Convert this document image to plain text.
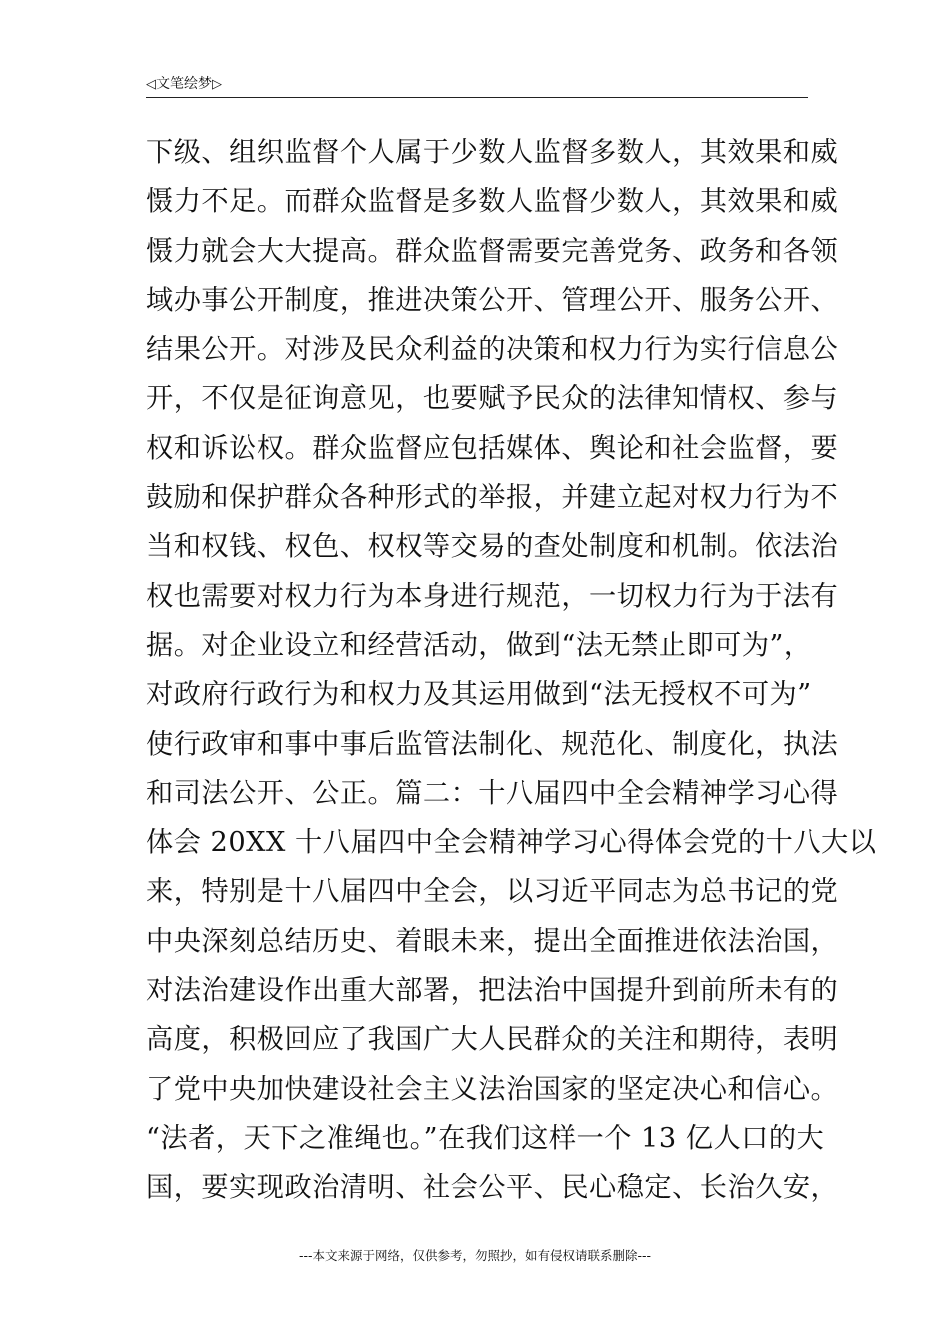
◁文笔绘梦▷
下级、组织监督个人属于少数人监督多数人，其效果和威
慑力不足。而群众监督是多数人监督少数人，其效果和威
慑力就会大大提高。群众监督需要完善党务、政务和各领
域办事公开制度，推进决策公开、管理公开、服务公开、
结果公开。对涉及民众利益的决策和权力行为实行信息公
开，不仅是征询意见，也要赋予民众的法律知情权、参与
权和诉讼权。群众监督应包括媒体、舆论和社会监督，要
鼓励和保护群众各种形式的举报，并建立起对权力行为不
当和权钱、权色、权权等交易的查处制度和机制。依法治
权也需要对权力行为本身进行规范，一切权力行为于法有
据。对企业设立和经营活动，做到“法无禁止即可为”，
对政府行政行为和权力及其运用做到“法无授权不可为”
使行政审和事中事后监管法制化、规范化、制度化，执法
和司法公开、公正。篇二：十八届四中全会精神学习心得
体会 20XX 十八届四中全会精神学习心得体会党的十八大以
来，特别是十八届四中全会，以习近平同志为总书记的党
中央深刻总结历史、着眼未来，提出全面推进依法治国，
对法治建设作出重大部署，把法治中国提升到前所未有的
高度，积极回应了我国广大人民群众的关注和期待，表明
了党中央加快建设社会主义法治国家的坚定决心和信心。
“法者，天下之准绳也。”在我们这样一个 13 亿人口的大
国，要实现政治清明、社会公平、民心稳定、长治久安，
---本文来源于网络，仅供参考，勿照抄，如有侵权请联系删除---
